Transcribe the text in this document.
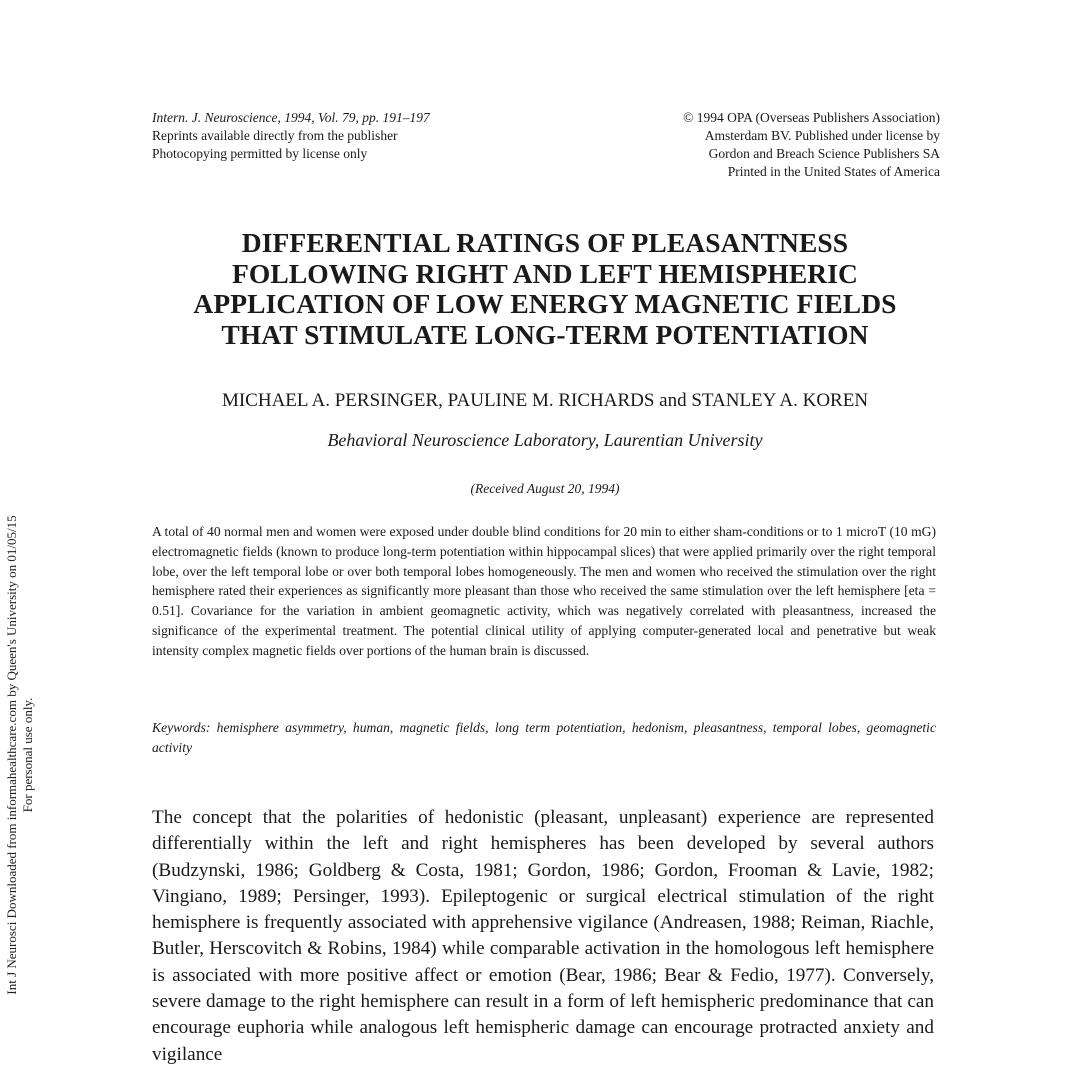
Int J Neurosci Downloaded from informahealthcare.com by Queen's University on 01/05/15 For personal use only.
Intern. J. Neuroscience, 1994, Vol. 79, pp. 191–197
Reprints available directly from the publisher
Photocopying permitted by license only
© 1994 OPA (Overseas Publishers Association)
Amsterdam BV. Published under license by
Gordon and Breach Science Publishers SA
Printed in the United States of America
DIFFERENTIAL RATINGS OF PLEASANTNESS
FOLLOWING RIGHT AND LEFT HEMISPHERIC
APPLICATION OF LOW ENERGY MAGNETIC FIELDS
THAT STIMULATE LONG-TERM POTENTIATION
MICHAEL A. PERSINGER, PAULINE M. RICHARDS and STANLEY A. KOREN
Behavioral Neuroscience Laboratory, Laurentian University
(Received August 20, 1994)
A total of 40 normal men and women were exposed under double blind conditions for 20 min to either sham-conditions or to 1 microT (10 mG) electromagnetic fields (known to produce long-term potentiation within hippocampal slices) that were applied primarily over the right temporal lobe, over the left temporal lobe or over both temporal lobes homogeneously. The men and women who received the stimulation over the right hemisphere rated their experiences as significantly more pleasant than those who received the same stimulation over the left hemisphere [eta = 0.51]. Covariance for the variation in ambient geomagnetic activity, which was negatively correlated with pleasantness, increased the significance of the experimental treatment. The potential clinical utility of applying computer-generated local and penetrative but weak intensity complex magnetic fields over portions of the human brain is discussed.
Keywords: hemisphere asymmetry, human, magnetic fields, long term potentiation, hedonism, pleasantness, temporal lobes, geomagnetic activity
The concept that the polarities of hedonistic (pleasant, unpleasant) experience are represented differentially within the left and right hemispheres has been developed by several authors (Budzynski, 1986; Goldberg & Costa, 1981; Gordon, 1986; Gordon, Frooman & Lavie, 1982; Vingiano, 1989; Persinger, 1993). Epileptogenic or surgical electrical stimulation of the right hemisphere is frequently associated with apprehensive vigilance (Andreasen, 1988; Reiman, Riachle, Butler, Herscovitch & Robins, 1984) while comparable activation in the homologous left hemisphere is associated with more positive affect or emotion (Bear, 1986; Bear & Fedio, 1977). Conversely, severe damage to the right hemisphere can result in a form of left hemispheric predominance that can encourage euphoria while analogous left hemispheric damage can encourage protracted anxiety and vigilance
